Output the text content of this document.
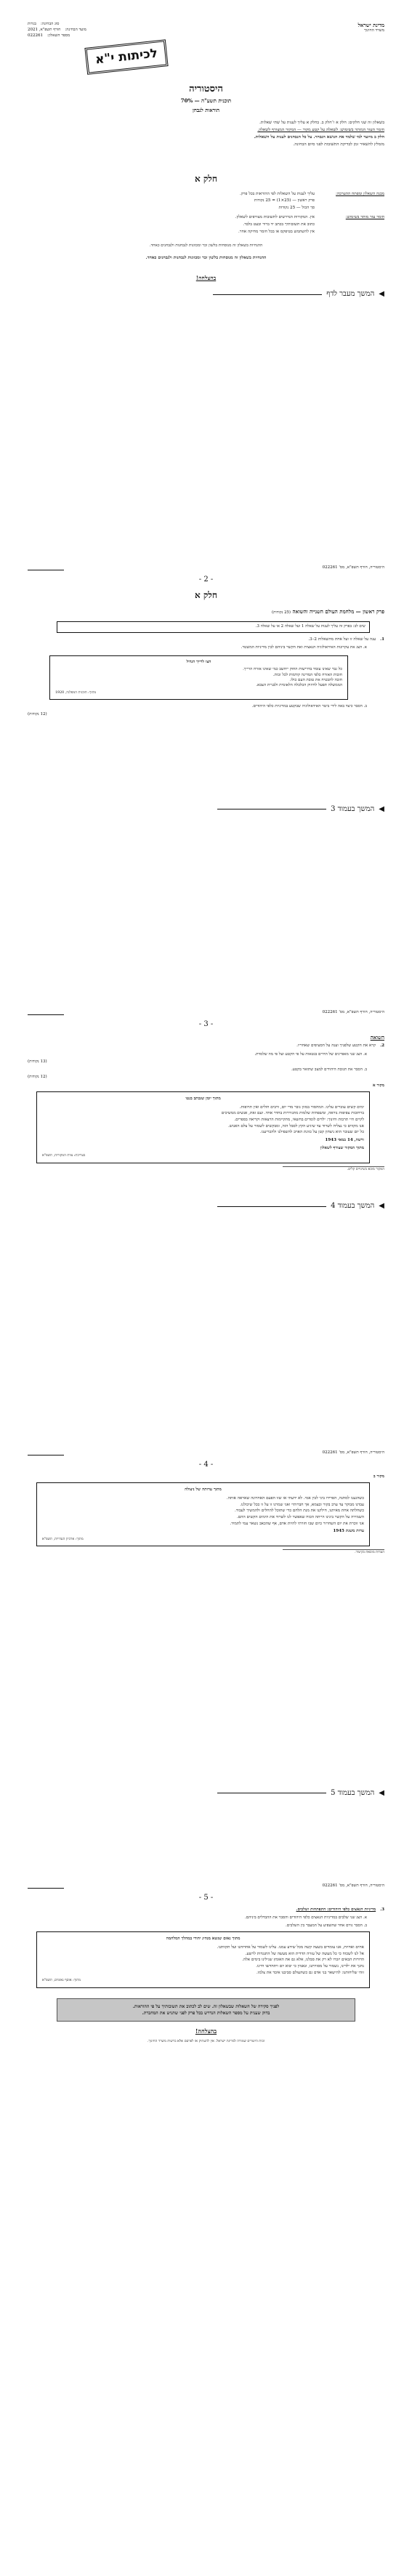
מדינת ישראל
משרד החינוך
סוג הבחינה:
בגרות
מועד הבחינה:
חורף תשפ"א, 2021
מספר השאלון:
022261
לכיתות י"א
היסטוריה
תוכנית תשע"ה — 70%
הוראות לנבחן

בשאלון זה שני חלקים: חלק א ו־חלק ב. בחלק א עליך לענות על שתי שאלות.

חומר העזר המותר בשימוש: לשאלה על קטע מקור — המקור המצורף לשאלון.

חלק ב מיועד למי שלמד את הנושא הנבחר. על כל הנבחנים לענות על השאלות.

מומלץ להשאיר זמן לבדיקת התשובות לפני סיום הבחינה.

חלק א
מבנה השאלון ומפתח ההערכה:
עליך לענות על השאלות לפי ההוראות בכל פרק.
פרק ראשון — (25×1) = 25 נקודות
סך הכול — 25 נקודות
חומר עזר מותר בשימוש:
אין. המקורות הנדרשים לתשובות מצורפים לשאלון.
כתוב את תשובותיך בכתב יד ברור ובעט בלבד.
אין להשתמש בטיפקס או בכל חומר מחיקה אחר.
ההנחיות בשאלון זה מנוסחות בלשון זכר ומכוונות לנבחנות ולנבחנים כאחד.
ההנחיות בשאלון זה מנוסחות בלשון זכר ומכוונות לנבחנות ולנבחנים כאחד.
בהצלחה!
המשך מעבר לדף ◀
היסטוריה, חורף תשפ"א, מס' 022261
- 2 -
חלק א
פרק ראשון — מלחמת העולם השנייה והשואה (25 נקודות)
שים לב: בפרק זה עליך לענות על שאלה 1 ועל שאלה 2 או על שאלה 3.
1.ענה על שאלה זו ועל אחת מהשאלות 2–3.
א. הצג את עקרונות האידאולוגיה הנאצית ואת הקשר ביניהם לבין מדיניות המשטר.
הצו לרייך הגדול
כל גבר שאינו עומד בדרישות החוק ייחשב כמי שאינו אזרח הרייך.
חובות האזרח כלפי המדינה קודמות לכל זכות.
חובה להבטיח את טובת העם כולו.
הממשלה תפעל לחיזוק הכלכלה הלאומית ולבניית הצבא.
מתוך: תוכנית המפלגה, 1920
ב. הסבר כיצד באה לידי ביטוי האידאולוגיה שבקטע במדיניות כלפי היהודים.
(12 נקודות)
◀
המשך בעמוד 3
היסטוריה, חורף תשפ"א, מס' 022261
- 3 -
השואה
2.קרא את הקטע שלפניך וענה על הסעיפים שאחריו.
א. הצג שני מאפיינים של החיים בגטאות על פי הקטע ועל פי מה שלמדת.
(13 נקודות)
ב. הסבר את תגובת היהודים למצב שתואר בקטע.
(12 נקודות)
מקור א
מתוך יומן שנכתב בגטו
ימים קשים עוברים עלינו. המחסור במזון גובר מדי יום, ורבים חולים ואין תרופות.
ברחובות צפיפות נוראה, ומשפחות שלמות מתגוררות בחדר אחד. ועם זאת, אנשים ממשיכים
לקיים חיי תרבות וחינוך: ילדים לומדים בחשאי, מתקיימות הרצאות וקריאה בספרים.
אנו מקווים כי נצליח לשרוד עד שיגיע הקץ לסבל הזה, ומבקשים לשמור על צלם האנוש.
כל יום שעובר הוא ניצחון קטן על כוונת האויב להשפילנו ולהכריענו.
ורשה, 14 במאי 1943
מתוך המקור שצורף לשאלון
בעריכת: צוות המקורות, תשפ"א
המקור מובא בשינויים קלים.
◀
המשך בעמוד 4
היסטוריה, חורף תשפ"א, מס' 022261
- 4 -
מקור ב
מתוך עדותה של ניצולה
כשהגענו למחנה, הפרידו ביני לבין אמי. לא ידעתי אז שזו הפעם האחרונה שאראה אותה.
עבדנו מבוקר עד ערב בקור ובצמא, אך חברותיי ואני שמרנו זו על זו ככל שיכולנו.
כשחלתה אחת מאיתנו, חילקנו את מנת הלחם כדי שתוכל להחלים ולהמשיך לעבוד.
השמירה על הקשר בינינו הייתה הכוח שאפשר לנו לשרוד את הימים הקשים ההם.
אני זוכרת את יום השחרור כיום שבו חזרתי להיות אדם, אף שהכאב נשאר עמי לתמיד.
עדות משנת 1945
מתוך: ארכיון העדויות, תשפ"א
העדות מובאת בקיצור.
◀
המשך בעמוד 5
היסטוריה, חורף תשפ"א, מס' 022261
- 5 -
3.מדיניות הנאצים כלפי היהודים: התפתחות ושלבים.
א. הצג שני שלבים במדיניות הנאצים כלפי היהודים והסבר את ההבדלים ביניהם.
ב. הסבר גורם אחד שהשפיע על המעבר בין השלבים.
מתוך נאום שנשא מנהיג יהודי במהלך המלחמה
אחים ואחיות, אנו עומדים בשעה קשה מכל שידע עמנו. עלינו לשמור על אחדותנו ועל תקוותנו.
אל לנו לשכוח כי כל מעשה של עזרה הדדית הוא מעשה של התנגדות לרשע.
הדורות הבאים יזכרו לא רק את סבלנו, אלא גם את האומץ שגילינו בימים אלה.
נחנך את ילדינו, נשמור על מסורתנו, ונאמין כי יבוא יום ויתחדשו חיינו.
זוהי שליחותנו: להישאר בני אדם גם כשהעולם סביבנו איבד את צלמו.
מתוך: אוסף נאומים, תשפ"א
לפניך סקירה של השאלות שבשאלון זה. שים לב לכתוב את תשובותיך על פי ההוראות.
בדוק שענית על מספר השאלות הנדרש בכל פרק לפני שתגיש את המחברת.
בהצלחה!
זכות היוצרים שמורה למדינת ישראל. אין להעתיק או לפרסם אלא ברשות משרד החינוך.
